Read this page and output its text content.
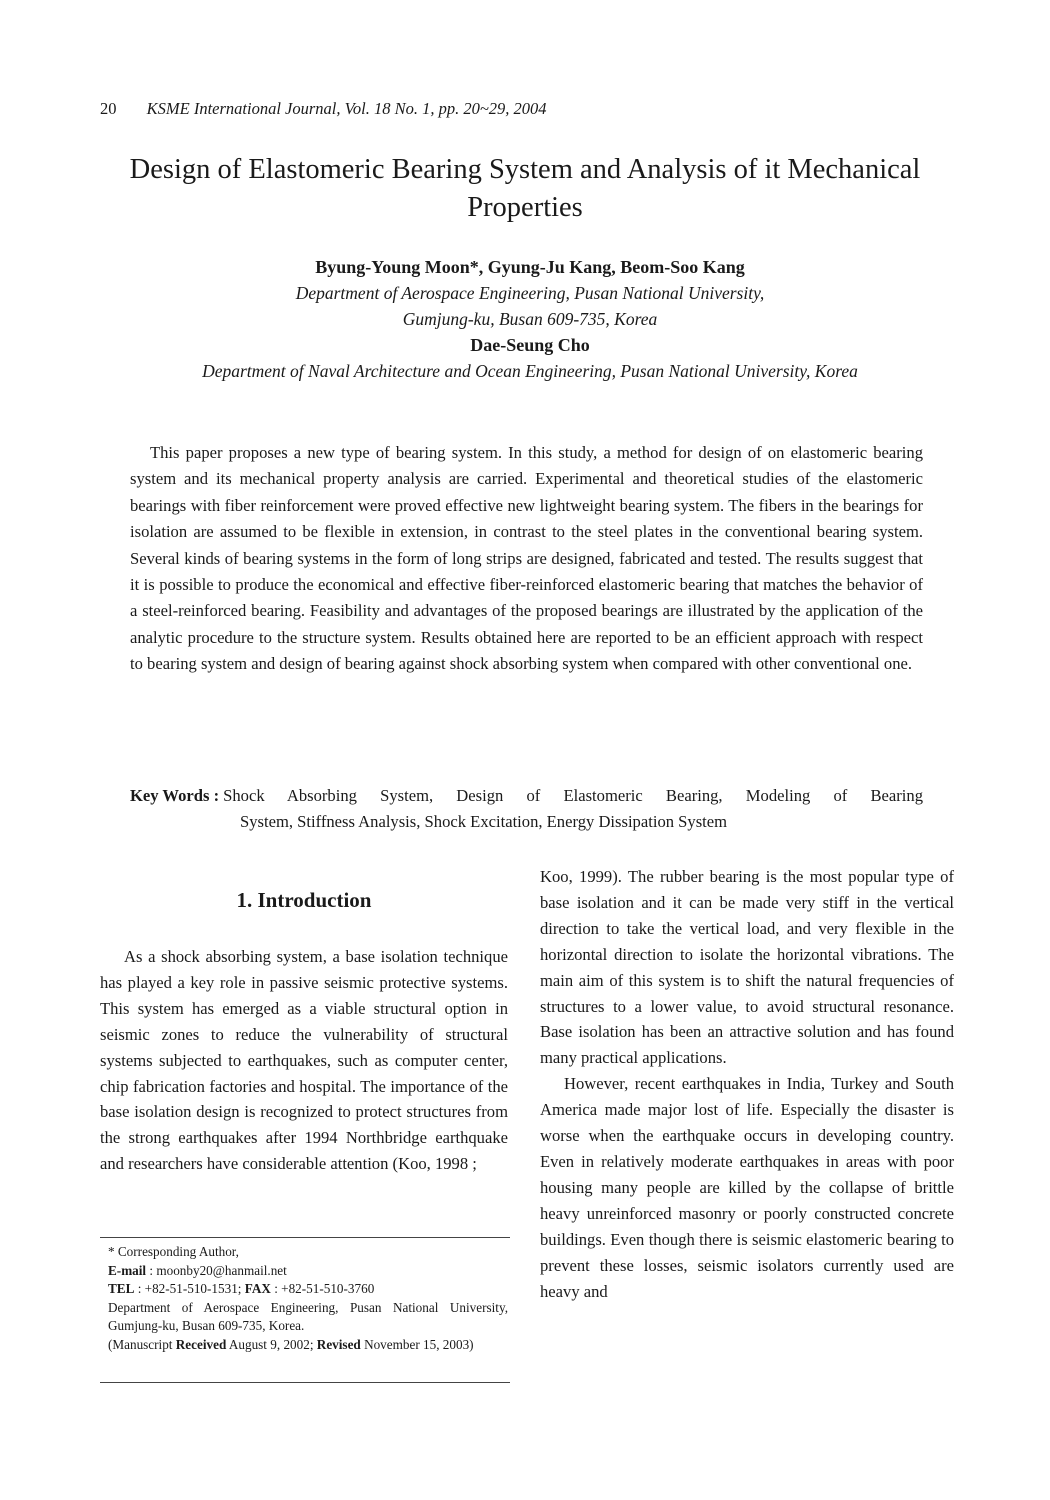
20 KSME International Journal, Vol. 18 No. 1, pp. 20~29, 2004
Design of Elastomeric Bearing System and Analysis of it Mechanical Properties
Byung-Young Moon*, Gyung-Ju Kang, Beom-Soo Kang
Department of Aerospace Engineering, Pusan National University,
Gumjung-ku, Busan 609-735, Korea
Dae-Seung Cho
Department of Naval Architecture and Ocean Engineering, Pusan National University, Korea

This paper proposes a new type of bearing system. In this study, a method for design of on elastomeric bearing system and its mechanical property analysis are carried. Experimental and theoretical studies of the elastomeric bearings with fiber reinforcement were proved effective new lightweight bearing system. The fibers in the bearings for isolation are assumed to be flexible in extension, in contrast to the steel plates in the conventional bearing system. Several kinds of bearing systems in the form of long strips are designed, fabricated and tested. The results suggest that it is possible to produce the economical and effective fiber-reinforced elastomeric bearing that matches the behavior of a steel-reinforced bearing. Feasibility and advantages of the proposed bearings are illustrated by the application of the analytic procedure to the structure system. Results obtained here are reported to be an efficient approach with respect to bearing system and design of bearing against shock absorbing system when compared with other conventional one.

Key Words : Shock Absorbing System, Design of Elastomeric Bearing, Modeling of Bearing
System, Stiffness Analysis, Shock Excitation, Energy Dissipation System
1. Introduction

As a shock absorbing system, a base isolation technique has played a key role in passive seismic protective systems. This system has emerged as a viable structural option in seismic zones to reduce the vulnerability of structural systems subjected to earthquakes, such as computer center, chip fabrication factories and hospital. The importance of the base isolation design is recognized to protect structures from the strong earthquakes after 1994 Northbridge earthquake and researchers have considerable attention (Koo, 1998 ;

Koo, 1999). The rubber bearing is the most popular type of base isolation and it can be made very stiff in the vertical direction to take the vertical load, and very flexible in the horizontal direction to isolate the horizontal vibrations. The main aim of this system is to shift the natural frequencies of structures to a lower value, to avoid structural resonance. Base isolation has been an attractive solution and has found many practical applications.

However, recent earthquakes in India, Turkey and South America made major lost of life. Especially the disaster is worse when the earthquake occurs in developing country. Even in relatively moderate earthquakes in areas with poor housing many people are killed by the collapse of brittle heavy unreinforced masonry or poorly constructed concrete buildings. Even though there is seismic elastomeric bearing to prevent these losses, seismic isolators currently used are heavy and

* Corresponding Author,
E-mail : moonby20@hanmail.net
TEL : +82-51-510-1531; FAX : +82-51-510-3760
Department of Aerospace Engineering, Pusan National University, Gumjung-ku, Busan 609-735, Korea.
(Manuscript Received August 9, 2002; Revised November 15, 2003)
